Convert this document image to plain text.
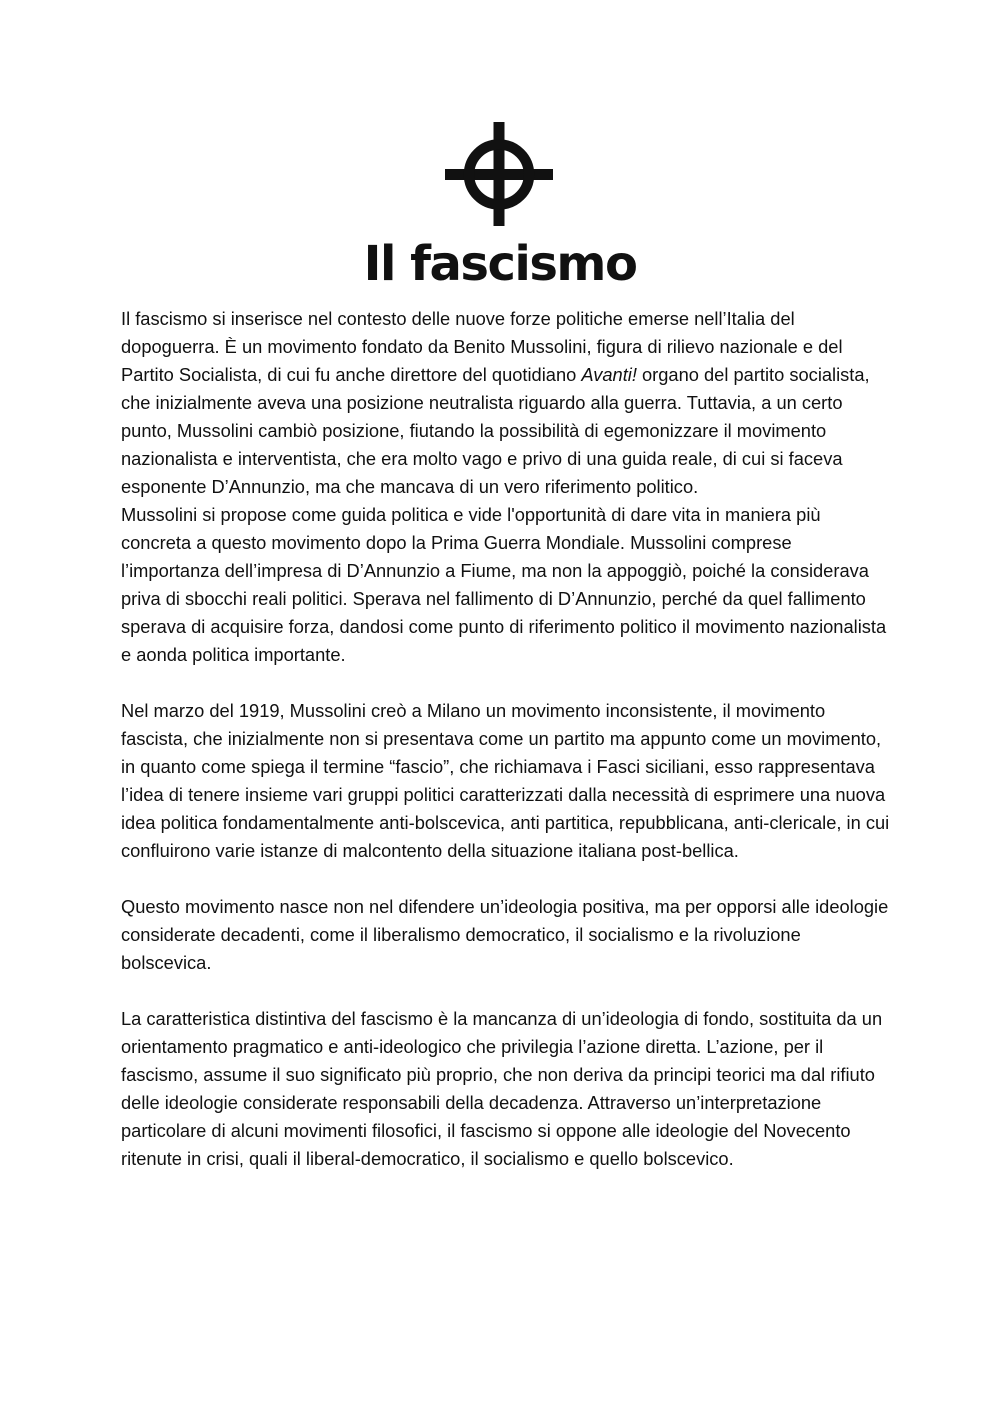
Il fascismo

Il fascismo si inserisce nel contesto delle nuove forze politiche emerse nell’Italia del dopoguerra. È un movimento fondato da Benito Mussolini, figura di rilievo nazionale e del Partito Socialista, di cui fu anche direttore del quotidiano Avanti! organo del partito socialista, che inizialmente aveva una posizione neutralista riguardo alla guerra. Tuttavia, a un certo punto, Mussolini cambiò posizione, fiutando la possibilità di egemonizzare il movimento nazionalista e interventista, che era molto vago e privo di una guida reale, di cui si faceva esponente D’Annunzio, ma che mancava di un vero riferimento politico.

Mussolini si propose come guida politica e vide l'opportunità di dare vita in maniera più concreta a questo movimento dopo la Prima Guerra Mondiale. Mussolini comprese l’importanza dell’impresa di D’Annunzio a Fiume, ma non la appoggiò, poiché la considerava priva di sbocchi reali politici. Sperava nel fallimento di D’Annunzio, perché da quel fallimento sperava di acquisire forza, dandosi come punto di riferimento politico il movimento nazionalista e aonda politica importante.

Nel marzo del 1919, Mussolini creò a Milano un movimento inconsistente, il movimento fascista, che inizialmente non si presentava come un partito ma appunto come un movimento, in quanto come spiega il termine “fascio”, che richiamava i Fasci siciliani, esso rappresentava l’idea di tenere insieme vari gruppi politici caratterizzati dalla necessità di esprimere una nuova idea politica fondamentalmente anti-bolscevica, anti partitica, repubblicana, anti-clericale, in cui confluirono varie istanze di malcontento della situazione italiana post-bellica.

Questo movimento nasce non nel difendere un’ideologia positiva, ma per opporsi alle ideologie considerate decadenti, come il liberalismo democratico, il socialismo e la rivoluzione bolscevica.

La caratteristica distintiva del fascismo è la mancanza di un’ideologia di fondo, sostituita da un orientamento pragmatico e anti-ideologico che privilegia l’azione diretta. L’azione, per il fascismo, assume il suo significato più proprio, che non deriva da principi teorici ma dal rifiuto delle ideologie considerate responsabili della decadenza. Attraverso un’interpretazione particolare di alcuni movimenti filosofici, il fascismo si oppone alle ideologie del Novecento ritenute in crisi, quali il liberal-democratico, il socialismo e quello bolscevico.
